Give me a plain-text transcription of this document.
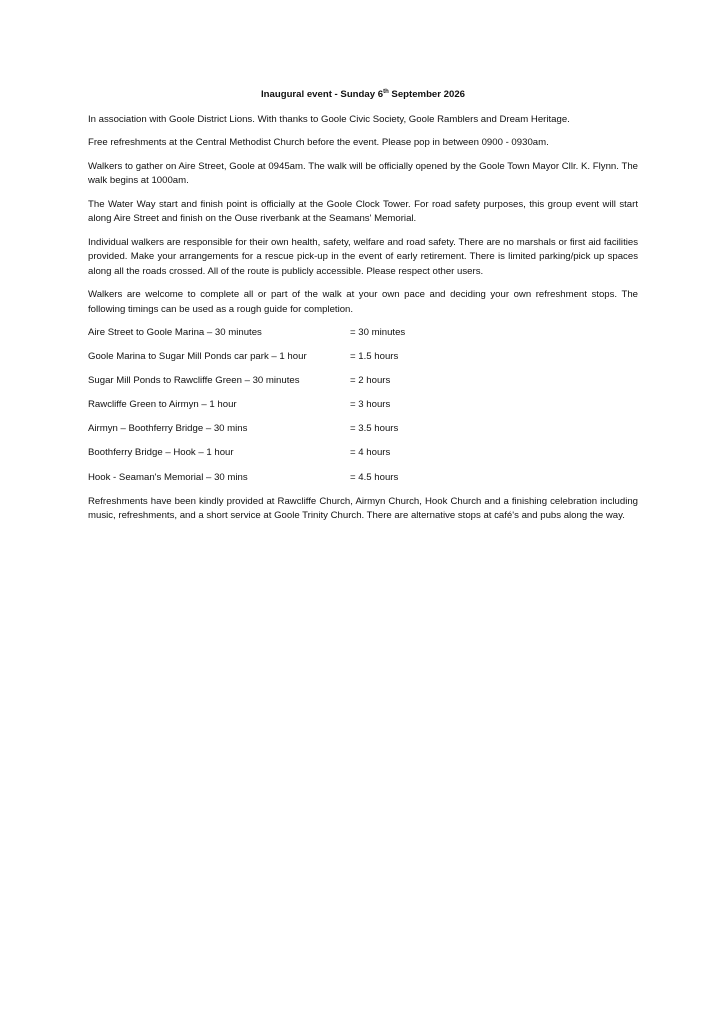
Inaugural event - Sunday 6th September 2026

In association with Goole District Lions. With thanks to Goole Civic Society, Goole Ramblers and Dream Heritage.

Free refreshments at the Central Methodist Church before the event. Please pop in between 0900 - 0930am.

Walkers to gather on Aire Street, Goole at 0945am. The walk will be officially opened by the Goole Town Mayor Cllr. K. Flynn. The walk begins at 1000am.

The Water Way start and finish point is officially at the Goole Clock Tower. For road safety purposes, this group event will start along Aire Street and finish on the Ouse riverbank at the Seamans' Memorial.

Individual walkers are responsible for their own health, safety, welfare and road safety. There are no marshals or first aid facilities provided. Make your arrangements for a rescue pick-up in the event of early retirement. There is limited parking/pick up spaces along all the roads crossed. All of the route is publicly accessible. Please respect other users.

Walkers are welcome to complete all or part of the walk at your own pace and deciding your own refreshment stops. The following timings can be used as a rough guide for completion.

Aire Street to Goole Marina – 30 minutes	= 30 minutes
Goole Marina to Sugar Mill Ponds car park – 1 hour	= 1.5 hours
Sugar Mill Ponds to Rawcliffe Green – 30 minutes	= 2 hours
Rawcliffe Green to Airmyn – 1 hour	= 3 hours
Airmyn – Boothferry Bridge – 30 mins	= 3.5 hours
Boothferry Bridge – Hook – 1 hour	= 4 hours
Hook - Seaman's Memorial – 30 mins	= 4.5 hours

Refreshments have been kindly provided at Rawcliffe Church, Airmyn Church, Hook Church and a finishing celebration including music, refreshments, and a short service at Goole Trinity Church. There are alternative stops at café's and pubs along the way.
